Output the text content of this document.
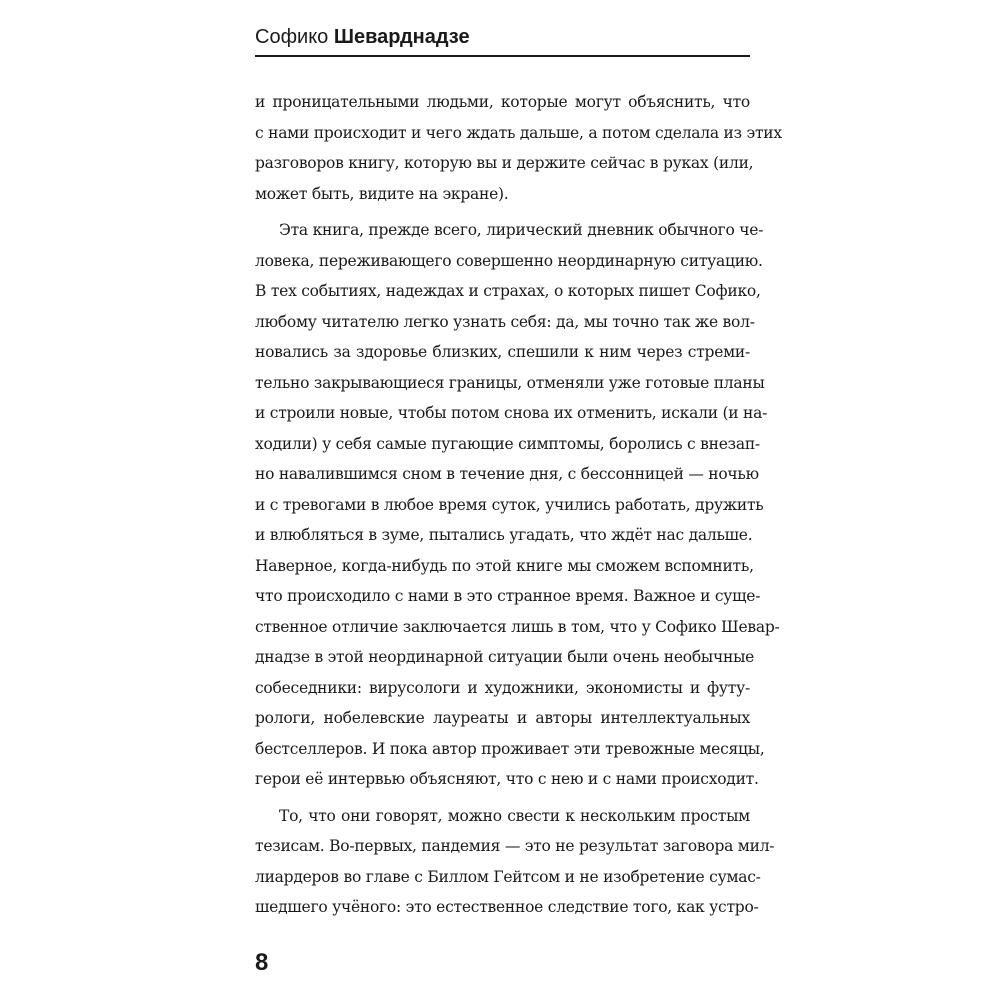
Софико Шеварднадзе
и проницательными людьми, которые могут объяснить, что
с нами происходит и чего ждать дальше, а потом сделала из этих
разговоров книгу, которую вы и держите сейчас в руках (или,
может быть, видите на экране).
Эта книга, прежде всего, лирический дневник обычного че-
ловека, переживающего совершенно неординарную ситуацию.
В тех событиях, надеждах и страхах, о которых пишет Софико,
любому читателю легко узнать себя: да, мы точно так же вол-
новались за здоровье близких, спешили к ним через стреми-
тельно закрывающиеся границы, отменяли уже готовые планы
и строили новые, чтобы потом снова их отменить, искали (и на-
ходили) у себя самые пугающие симптомы, боролись с внезап-
но навалившимся сном в течение дня, с бессонницей — ночью
и с тревогами в любое время суток, учились работать, дружить
и влюбляться в зуме, пытались угадать, что ждёт нас дальше.
Наверное, когда-нибудь по этой книге мы сможем вспомнить,
что происходило с нами в это странное время. Важное и суще-
ственное отличие заключается лишь в том, что у Софико Шевар-
днадзе в этой неординарной ситуации были очень необычные
собеседники: вирусологи и художники, экономисты и футу-
рологи, нобелевские лауреаты и авторы интеллектуальных
бестселлеров. И пока автор проживает эти тревожные месяцы,
герои её интервью объясняют, что с нею и с нами происходит.
То, что они говорят, можно свести к нескольким простым
тезисам. Во-первых, пандемия — это не результат заговора мил-
лиардеров во главе с Биллом Гейтсом и не изобретение сумас-
шедшего учёного: это естественное следствие того, как устро-
8
